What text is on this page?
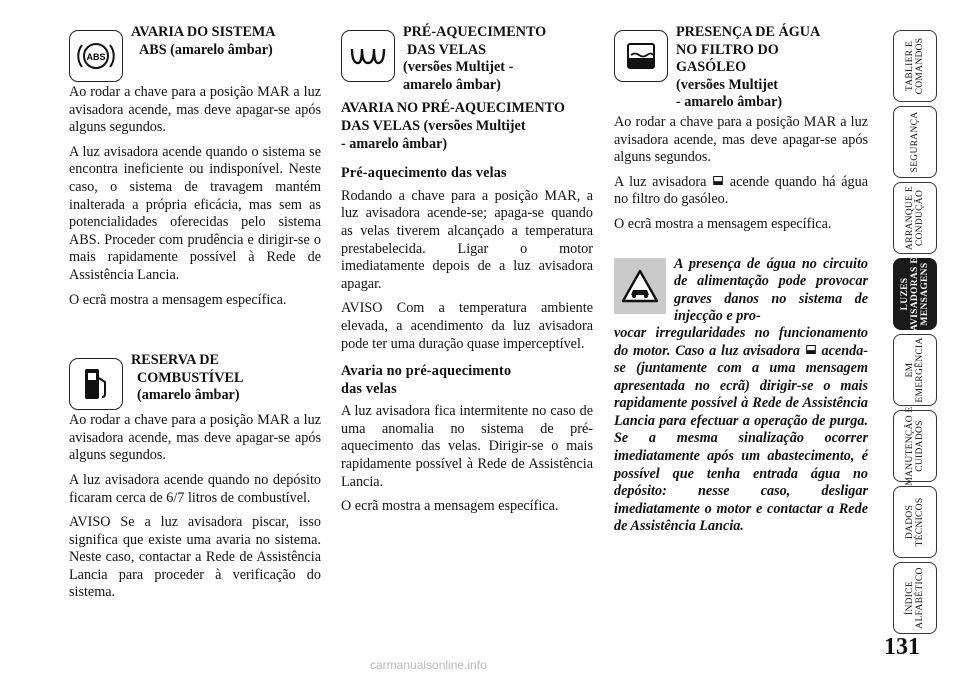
ABS
AVARIA DO SISTEMA
ABS (amarelo âmbar)

Ao rodar a chave para a posição MAR a luz avisadora acende, mas deve apagar-se após alguns segundos.

A luz avisadora acende quando o sistema se encontra ineficiente ou indisponível. Neste caso, o sistema de travagem mantém inalterada a própria eficácia, mas sem as potencialidades oferecidas pelo sistema ABS. Proceder com prudência e dirigir-se o mais rapidamente possível à Rede de Assistência Lancia.

O ecrã mostra a mensagem específica.

RESERVA DE
COMBUSTÍVEL
(amarelo âmbar)

Ao rodar a chave para a posição MAR a luz avisadora acende, mas deve apagar-se após alguns segundos.

A luz avisadora acende quando no depósito ficaram cerca de 6/7 litros de combustível.

AVISO Se a luz avisadora piscar, isso significa que existe uma avaria no sistema. Neste caso, contactar a Rede de Assistência Lancia para proceder à verificação do sistema.

PRÉ-AQUECIMENTO
DAS VELAS
(versões Multijet -
amarelo âmbar)
AVARIA NO PRÉ-AQUECIMENTO
DAS VELAS (versões Multijet
- amarelo âmbar)

Pré-aquecimento das velas

Rodando a chave para a posição MAR, a luz avisadora acende-se; apaga-se quando as velas tiverem alcançado a temperatura prestabelecida. Ligar o motor imediatamente depois de a luz avisadora apagar.

AVISO Com a temperatura ambiente elevada, a acendimento da luz avisadora pode ter uma duração quase imperceptível.

Avaria no pré-aquecimento

das velas

A luz avisadora fica intermitente no caso de uma anomalia no sistema de pré-aquecimento das velas. Dirigir-se o mais rapidamente possível à Rede de Assistência Lancia.

O ecrã mostra a mensagem específica.

PRESENÇA DE ÁGUA
NO FILTRO DO
GASÓLEO
(versões Multijet
- amarelo âmbar)

Ao rodar a chave para a posição MAR a luz avisadora acende, mas deve apagar-se após alguns segundos.

A luz avisadora acende quando há água no filtro do gasóleo.

O ecrã mostra a mensagem específica.

A presença de água no circuito de alimentação pode provocar graves danos no sistema de injecção e pro-
vocar irregularidades no funcionamento do motor. Caso a luz avisadora acenda-se (juntamente com a uma mensagem apresentada no ecrã) dirigir-se o mais rapidamente possível à Rede de Assistência Lancia para efectuar a operação de purga. Se a mesma sinalização ocorrer imediatamente após um abastecimento, é possível que tenha entrada água no depósito: nesse caso, desligar imediatamente o motor e contactar a Rede de Assistência Lancia.
TABLIER E
COMANDOS
SEGURANÇA
ARRANQUE E
CONDUÇÃO
LUZES
AVISADORAS E
MENSAGENS
EM
EMERGÊNCIA
MANUTENÇÃO E
CUIDADOS
DADOS
TÉCNICOS
ÍNDICE
ALFABÉTICO
131
carmanualsonline.info
